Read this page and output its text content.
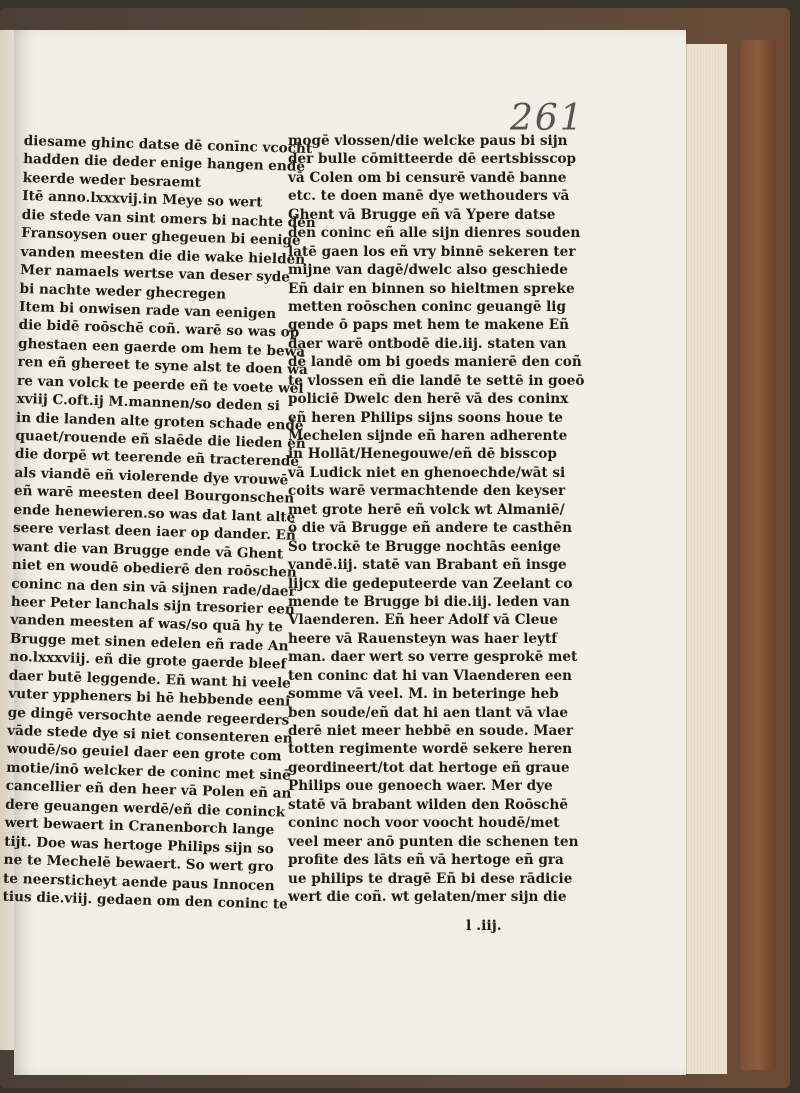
261
diesame ghinc datse dē conīnc vcocht
hadden die deder enige hangen ende
keerde weder besraemt
Itē anno.lxxxvij.in Meye so wert
die stede van sint omers bi nachte den
Fransoysen ouer ghegeuen bi eenige
vanden meesten die die wake hielden
Mer namaels wertse van deser syde
bi nachte weder ghecregen
Item bi onwisen rade van eenigen
die bidē roōschē coñ. warē so was op
ghestaen een gaerde om hem te bewa
ren eñ ghereet te syne alst te doen wa
re van volck te peerde eñ te voete wel
xviij C.oft.ij M.mannen/so deden si
in die landen alte groten schade ende
quaet/rouende eñ slaēde die lieden eñ
die dorpē wt teerende eñ tracterende
als viandē eñ violerende dye vrouwē
eñ warē meesten deel Bourgonschen
ende henewieren.so was dat lant alte
seere verlast deen iaer op dander. Eñ
want die van Brugge ende vā Ghent
niet en woudē obedierē den roōschen
coninc na den sin vā sijnen rade/daer
heer Peter lanchals sijn tresorier een
vanden meesten af was/so quā hy te
Brugge met sinen edelen eñ rade An
no.lxxxviij. eñ die grote gaerde bleef
daer butē leggende. Eñ want hi veele
vuter yppheners bi hē hebbende eeni
ge dingē versochte aende regeerders
vāde stede dye si niet consenteren en
woudē/so geuiel daer een grote com
motie/inō welcker de coninc met sinē
cancellier eñ den heer vā Polen eñ an
dere geuangen werdē/eñ die coninck
wert bewaert in Cranenborch lange
tijt. Doe was hertoge Philips sijn so
ne te Mechelē bewaert. So wert gro
te neersticheyt aende paus Innocen
tius die.viij. gedaen om den coninc te
mogē vlossen/die welcke paus bi sijn
der bulle cōmitteerde dē eertsbisscop
vā Colen om bi censurē vandē banne
etc. te doen manē dye wethouders vā
Ghent vā Brugge eñ vā Ypere datse
den coninc eñ alle sijn dienres souden
latē gaen los eñ vry binnē sekeren ter
mijne van dagē/dwelc also geschiede
Eñ dair en binnen so hieltmen spreke
metten roōschen coninc geuangē lig
gende ō paps met hem te makene Eñ
daer warē ontbodē die.iij. staten van
dē landē om bi goeds manierē den coñ
te vlossen eñ die landē te settē in goeō
policiē Dwelc den herē vā des coninx
eñ heren Philips sijns soons houe te
Mechelen sijnde eñ haren adherente
in Hollāt/Henegouwe/eñ dē bisscop
vā Ludick niet en ghenoechde/wāt si
coits warē vermachtende den keyser
met grote herē eñ volck wt Almaniē/
ō die vā Brugge eñ andere te casthēn
So trockē te Brugge nochtās eenige
vandē.iij. statē van Brabant eñ insge
lijcx die gedeputeerde van Zeelant co
mende te Brugge bi die.iij. leden van
Vlaenderen. Eñ heer Adolf vā Cleue
heere vā Rauensteyn was haer leytf
man. daer wert so verre gesprokē met
ten coninc dat hi van Vlaenderen een
somme vā veel. M. in beteringe heb
ben soude/eñ dat hi aen tlant vā vlae
derē niet meer hebbē en soude. Maer
totten regimente wordē sekere heren
geordineert/tot dat hertoge eñ graue
Philips oue genoech waer. Mer dye
statē vā brabant wilden den Roōschē
coninc noch voor voocht houdē/met
veel meer anō punten die schenen ten
profite des lāts eñ vā hertoge eñ gra
ue philips te dragē Eñ bi dese rādicie
wert die coñ. wt gelaten/mer sijn die
l .iij.
